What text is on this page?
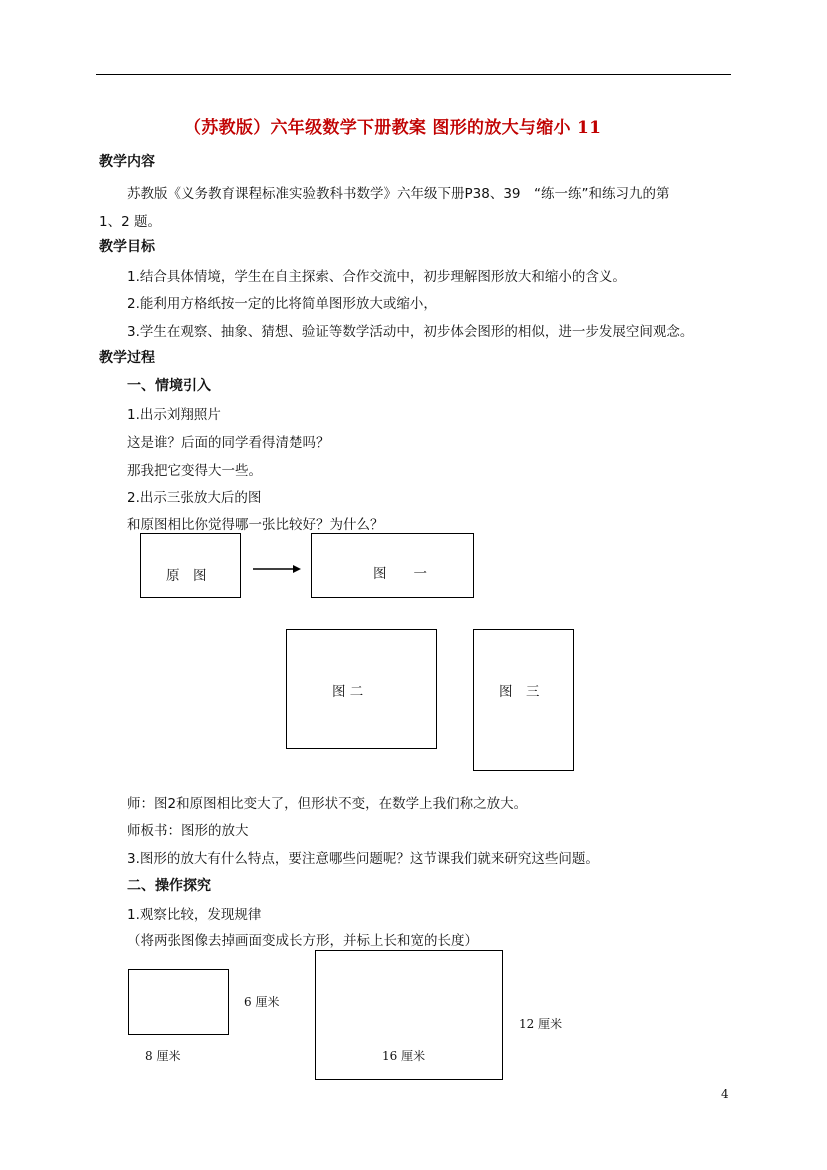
（苏教版）六年级数学下册教案 图形的放大与缩小 11
教学内容
苏教版《义务教育课程标准实验教科书数学》六年级下册P38、39　“练一练”和练习九的第
1、2 题。
教学目标
1.结合具体情境，学生在自主探索、合作交流中，初步理解图形放大和缩小的含义。
2.能利用方格纸按一定的比将简单图形放大或缩小，
3.学生在观察、抽象、猜想、验证等数学活动中，初步体会图形的相似，进一步发展空间观念。
教学过程
一、情境引入
1.出示刘翔照片
这是谁？后面的同学看得清楚吗？
那我把它变得大一些。
2.出示三张放大后的图
和原图相比你觉得哪一张比较好？为什么？
原　图	图　　一
图 二	图　三
师：图2和原图相比变大了，但形状不变，在数学上我们称之放大。
师板书：图形的放大
3.图形的放大有什么特点，要注意哪些问题呢？这节课我们就来研究这些问题。
二、操作探究
1.观察比较，发现规律
（将两张图像去掉画面变成长方形，并标上长和宽的长度）
6 厘米
8 厘米
12 厘米
16 厘米
4
